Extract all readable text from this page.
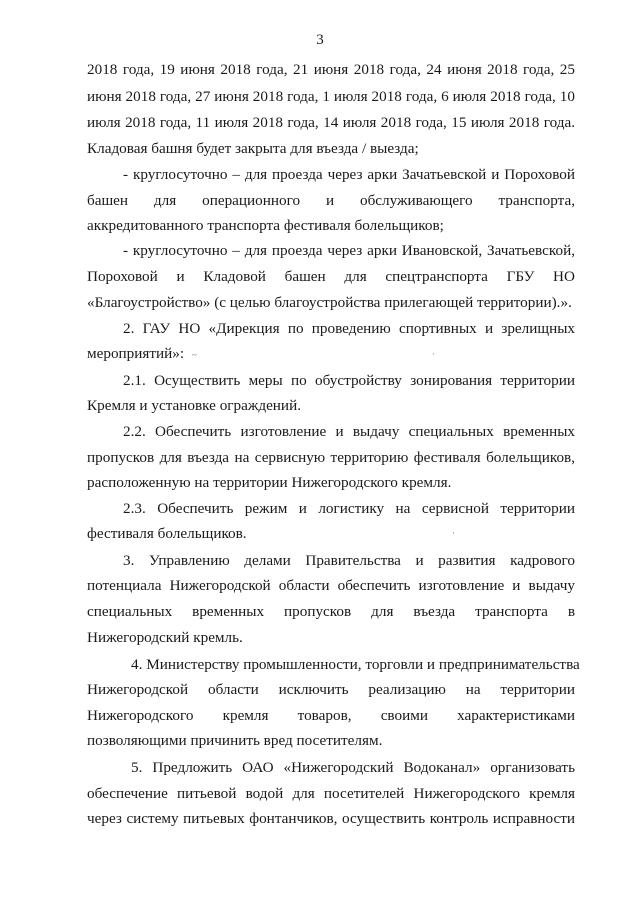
3
2018 года, 19 июня 2018 года, 21 июня 2018 года, 24 июня 2018 года, 25
июня 2018 года, 27 июня 2018 года, 1 июля 2018 года, 6 июля 2018 года, 10
июля 2018 года, 11 июля 2018 года, 14 июля 2018 года, 15 июля 2018 года.
Кладовая башня будет закрыта для въезда / выезда;
- круглосуточно – для проезда через арки Зачатьевской и Пороховой
башен для операционного и обслуживающего транспорта,
аккредитованного транспорта фестиваля болельщиков;
- круглосуточно – для проезда через арки Ивановской, Зачатьевской,
Пороховой и Кладовой башен для спецтранспорта ГБУ НО
«Благоустройство» (с целью благоустройства прилегающей территории).».
2. ГАУ НО «Дирекция по проведению спортивных и зрелищных
мероприятий»:
2.1. Осуществить меры по обустройству зонирования территории
Кремля и установке ограждений.
2.2. Обеспечить изготовление и выдачу специальных временных
пропусков для въезда на сервисную территорию фестиваля болельщиков,
расположенную на территории Нижегородского кремля.
2.3. Обеспечить режим и логистику на сервисной территории
фестиваля болельщиков.
3. Управлению делами Правительства и развития кадрового
потенциала Нижегородской области обеспечить изготовление и выдачу
специальных временных пропусков для въезда транспорта в
Нижегородский кремль.
4. Министерству промышленности, торговли и предпринимательства
Нижегородской области исключить реализацию на территории
Нижегородского кремля товаров, своими характеристиками
позволяющими причинить вред посетителям.
5. Предложить ОАО «Нижегородский Водоканал» организовать
обеспечение питьевой водой для посетителей Нижегородского кремля
через систему питьевых фонтанчиков, осуществить контроль исправности
~	·
·
